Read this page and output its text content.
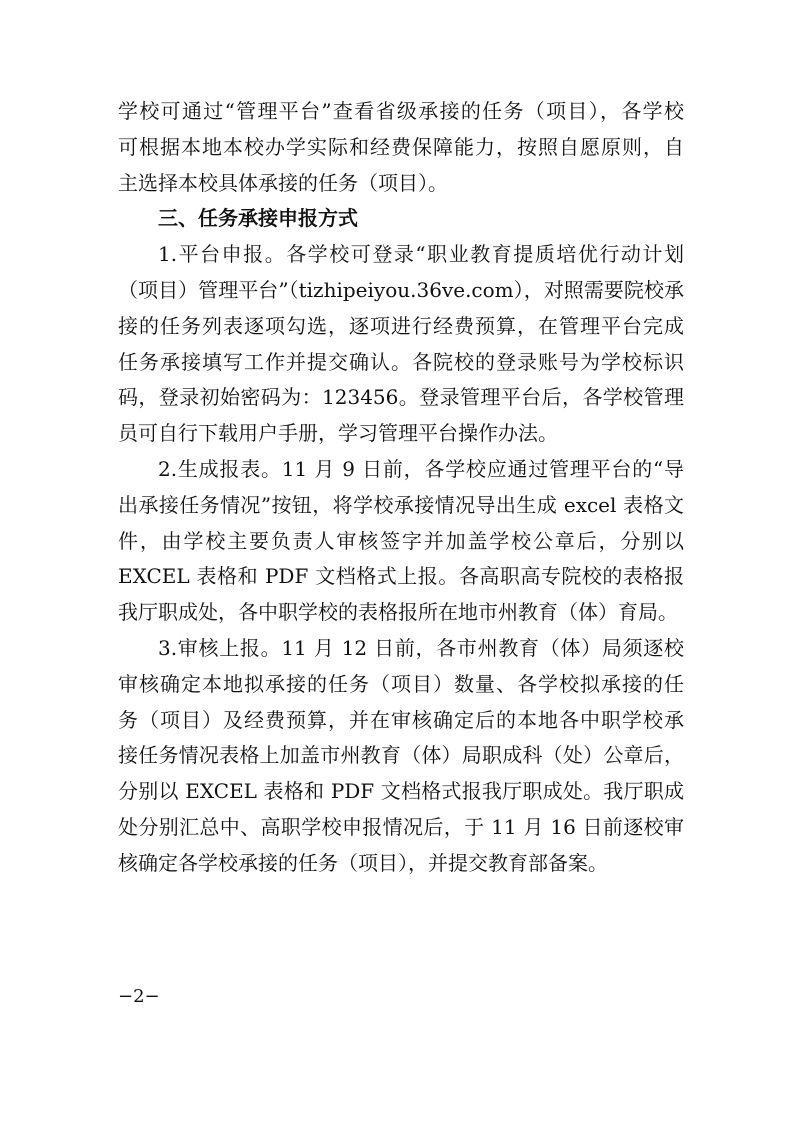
学校可通过“管理平台”查看省级承接的任务（项目），各学校
可根据本地本校办学实际和经费保障能力，按照自愿原则，自
主选择本校具体承接的任务（项目）。
三、任务承接申报方式
1.平台申报。各学校可登录“职业教育提质培优行动计划
（项目）管理平台”（tizhipeiyou.36ve.com），对照需要院校承
接的任务列表逐项勾选，逐项进行经费预算，在管理平台完成
任务承接填写工作并提交确认。各院校的登录账号为学校标识
码，登录初始密码为：123456。登录管理平台后，各学校管理
员可自行下载用户手册，学习管理平台操作办法。
2.生成报表。11 月 9 日前，各学校应通过管理平台的“导
出承接任务情况”按钮，将学校承接情况导出生成 excel 表格文
件，由学校主要负责人审核签字并加盖学校公章后，分别以
EXCEL 表格和 PDF 文档格式上报。各高职高专院校的表格报
我厅职成处，各中职学校的表格报所在地市州教育（体）育局。
3.审核上报。11 月 12 日前，各市州教育（体）局须逐校
审核确定本地拟承接的任务（项目）数量、各学校拟承接的任
务（项目）及经费预算，并在审核确定后的本地各中职学校承
接任务情况表格上加盖市州教育（体）局职成科（处）公章后，
分别以 EXCEL 表格和 PDF 文档格式报我厅职成处。我厅职成
处分别汇总中、高职学校申报情况后，于 11 月 16 日前逐校审
核确定各学校承接的任务（项目），并提交教育部备案。
−2−
